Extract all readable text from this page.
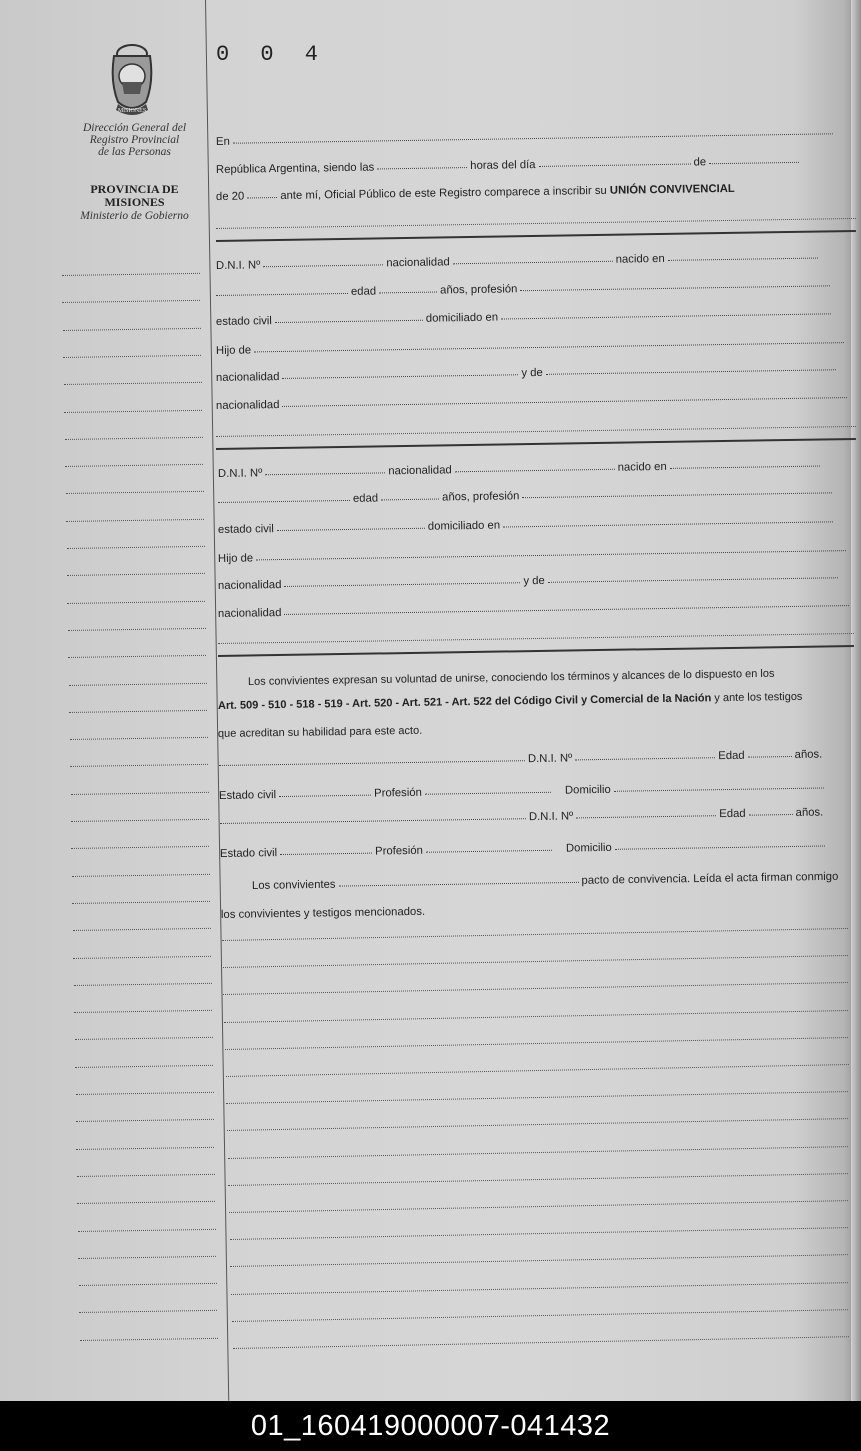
MISIONES
Dirección General del
Registro Provincial
de las Personas
PROVINCIA DE
MISIONES
Ministerio de Gobierno
0 0 4
En
República Argentina, siendo las	horas del día	de
de 20	ante mí, Oficial Público de este Registro comparece a inscribir su UNIÓN CONVIVENCIAL
D.N.I. Nº	nacionalidad	nacido en
edad	años, profesión
estado civil	domiciliado en
Hijo de
nacionalidad	y de
nacionalidad
D.N.I. Nº	nacionalidad	nacido en
edad	años, profesión
estado civil	domiciliado en
Hijo de
nacionalidad	y de
nacionalidad
Los convivientes expresan su voluntad de unirse, conociendo los términos y alcances de lo dispuesto en los
Art. 509 - 510 - 518 - 519 - Art. 520 - Art. 521 - Art. 522 del Código Civil y Comercial de la Nación y ante los testigos
que acreditan su habilidad para este acto.
D.N.I. Nº	Edad	años.
Estado civil	Profesión	Domicilio
D.N.I. Nº	Edad	años.
Estado civil	Profesión	Domicilio
Los convivientes	pacto de convivencia. Leída el acta firman conmigo
los convivientes y testigos mencionados.
01_160419000007-041432
